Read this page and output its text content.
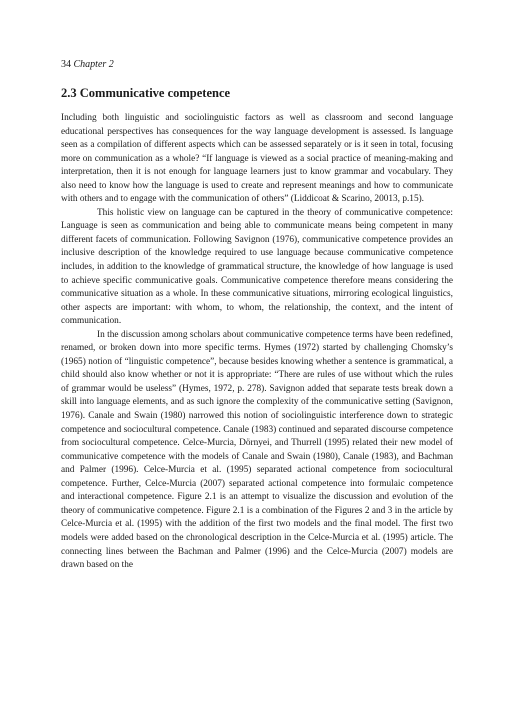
34 Chapter 2
2.3 Communicative competence

Including both linguistic and sociolinguistic factors as well as classroom and second language educational perspectives has consequences for the way language development is assessed. Is language seen as a compilation of different aspects which can be assessed separately or is it seen in total, focusing more on communication as a whole? “If language is viewed as a social practice of meaning-making and interpretation, then it is not enough for language learners just to know grammar and vocabulary. They also need to know how the language is used to create and represent meanings and how to communicate with others and to engage with the communication of others” (Liddicoat & Scarino, 20013, p.15).

This holistic view on language can be captured in the theory of communicative competence: Language is seen as communication and being able to communicate means being competent in many different facets of communication. Following Savignon (1976), communicative competence provides an inclusive description of the knowledge required to use language because communicative competence includes, in addition to the knowledge of grammatical structure, the knowledge of how language is used to achieve specific communicative goals. Communicative competence therefore means considering the communicative situation as a whole. In these communicative situations, mirroring ecological linguistics, other aspects are important: with whom, to whom, the relationship, the context, and the intent of communication.

In the discussion among scholars about communicative competence terms have been redefined, renamed, or broken down into more specific terms. Hymes (1972) started by challenging Chomsky’s (1965) notion of “linguistic competence”, because besides knowing whether a sentence is grammatical, a child should also know whether or not it is appropriate: “There are rules of use without which the rules of grammar would be useless” (Hymes, 1972, p. 278). Savignon added that separate tests break down a skill into language elements, and as such ignore the complexity of the communicative setting (Savignon, 1976). Canale and Swain (1980) narrowed this notion of sociolinguistic interference down to strategic competence and sociocultural competence. Canale (1983) continued and separated discourse competence from sociocultural competence. Celce-Murcia, Dörnyei, and Thurrell (1995) related their new model of communicative competence with the models of Canale and Swain (1980), Canale (1983), and Bachman and Palmer (1996). Celce-Murcia et al. (1995) separated actional competence from sociocultural competence. Further, Celce-Murcia (2007) separated actional competence into formulaic competence and interactional competence. Figure 2.1 is an attempt to visualize the discussion and evolution of the theory of communicative competence. Figure 2.1 is a combination of the Figures 2 and 3 in the article by Celce-Murcia et al. (1995) with the addition of the first two models and the final model. The first two models were added based on the chronological description in the Celce-Murcia et al. (1995) article. The connecting lines between the Bachman and Palmer (1996) and the Celce-Murcia (2007) models are drawn based on the
